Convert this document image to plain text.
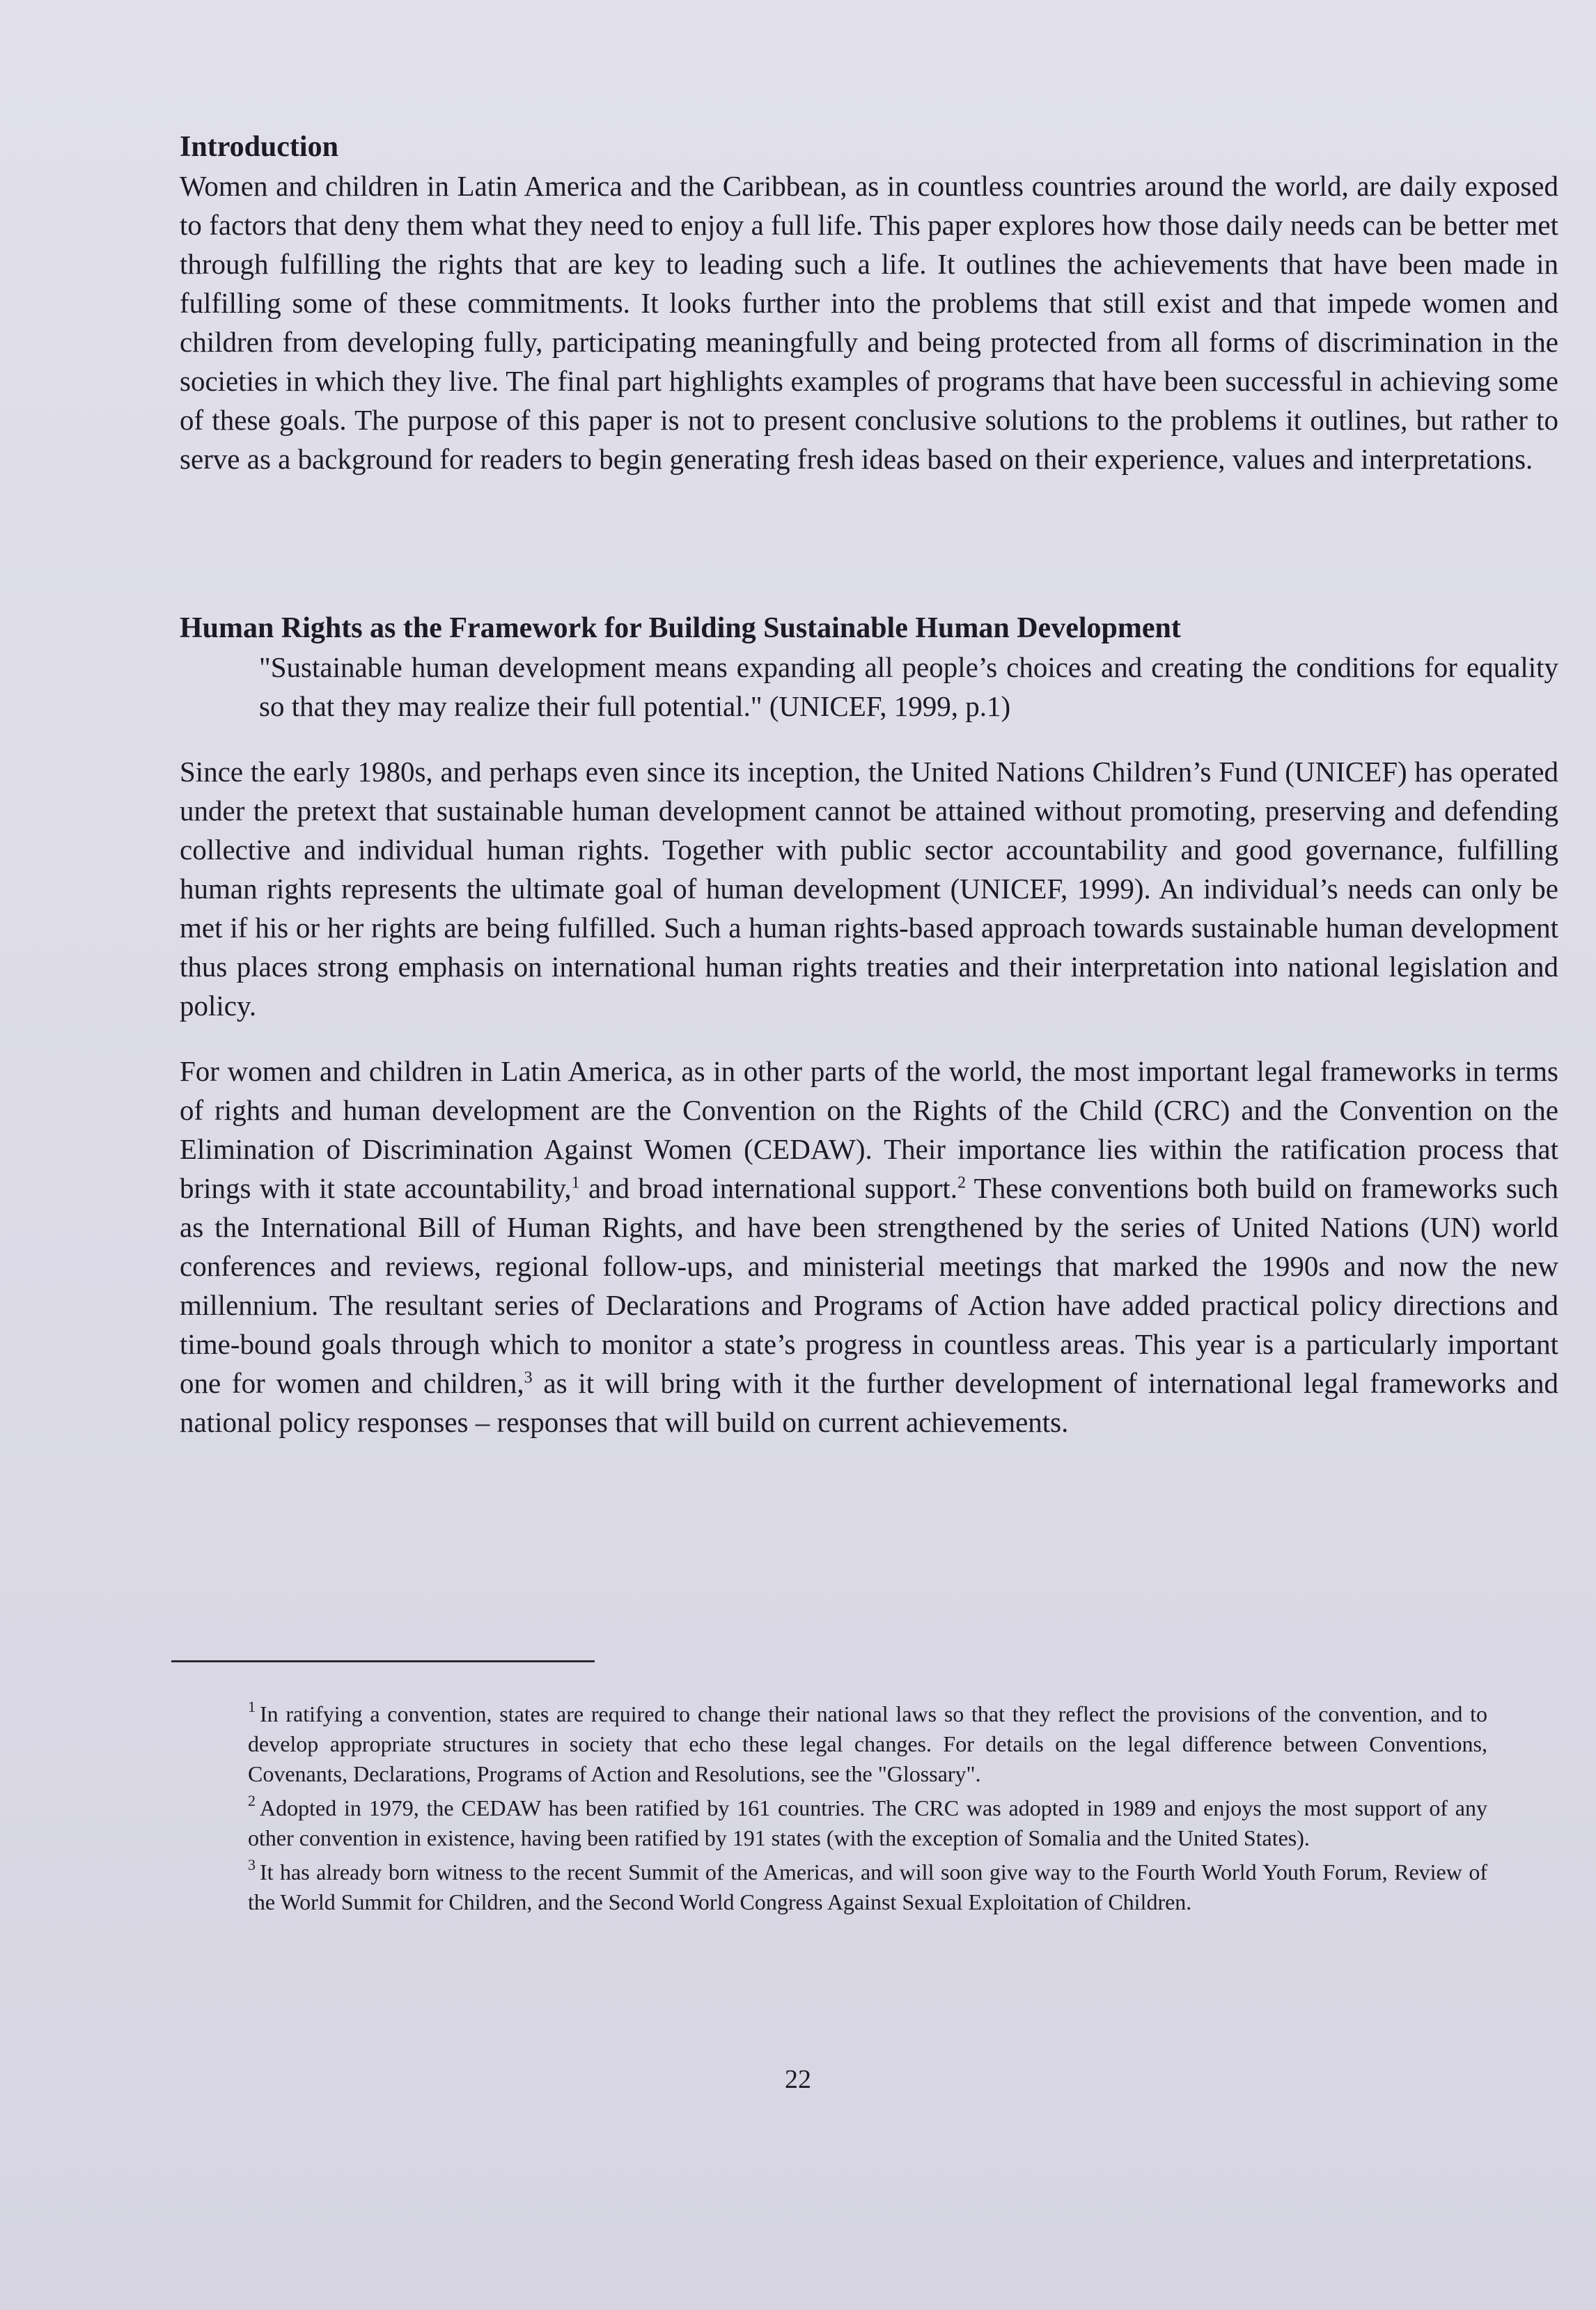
Introduction

Women and children in Latin America and the Caribbean, as in countless countries around the world, are daily exposed to factors that deny them what they need to enjoy a full life. This paper explores how those daily needs can be better met through fulfilling the rights that are key to leading such a life. It outlines the achievements that have been made in fulfilling some of these commitments. It looks further into the problems that still exist and that impede women and children from developing fully, participating meaningfully and being protected from all forms of discrimination in the societies in which they live. The final part highlights examples of programs that have been successful in achieving some of these goals. The purpose of this paper is not to present conclusive solutions to the problems it outlines, but rather to serve as a background for readers to begin generating fresh ideas based on their experience, values and interpretations.

Human Rights as the Framework for Building Sustainable Human Development

"Sustainable human development means expanding all people’s choices and creating the conditions for equality so that they may realize their full potential." (UNICEF, 1999, p.1)

Since the early 1980s, and perhaps even since its inception, the United Nations Children’s Fund (UNICEF) has operated under the pretext that sustainable human development cannot be attained without promoting, preserving and defending collective and individual human rights. Together with public sector accountability and good governance, fulfilling human rights represents the ultimate goal of human development (UNICEF, 1999). An individual’s needs can only be met if his or her rights are being fulfilled. Such a human rights-based approach towards sustainable human development thus places strong emphasis on international human rights treaties and their interpretation into national legislation and policy.

For women and children in Latin America, as in other parts of the world, the most important legal frameworks in terms of rights and human development are the Convention on the Rights of the Child (CRC) and the Convention on the Elimination of Discrimination Against Women (CEDAW). Their importance lies within the ratification process that brings with it state accountability,$^1$ and broad international support.$^2$ These conventions both build on frameworks such as the International Bill of Human Rights, and have been strengthened by the series of United Nations (UN) world conferences and reviews, regional follow-ups, and ministerial meetings that marked the 1990s and now the new millennium. The resultant series of Declarations and Programs of Action have added practical policy directions and time-bound goals through which to monitor a state’s progress in countless areas. This year is a particularly important one for women and children,$^3$ as it will bring with it the further development of international legal frameworks and national policy responses – responses that will build on current achievements.

$^1$ In ratifying a convention, states are required to change their national laws so that they reflect the provisions of the convention, and to develop appropriate structures in society that echo these legal changes. For details on the legal difference between Conventions, Covenants, Declarations, Programs of Action and Resolutions, see the "Glossary".

$^2$ Adopted in 1979, the CEDAW has been ratified by 161 countries. The CRC was adopted in 1989 and enjoys the most support of any other convention in existence, having been ratified by 191 states (with the exception of Somalia and the United States).

$^3$ It has already born witness to the recent Summit of the Americas, and will soon give way to the Fourth World Youth Forum, Review of the World Summit for Children, and the Second World Congress Against Sexual Exploitation of Children.

22
